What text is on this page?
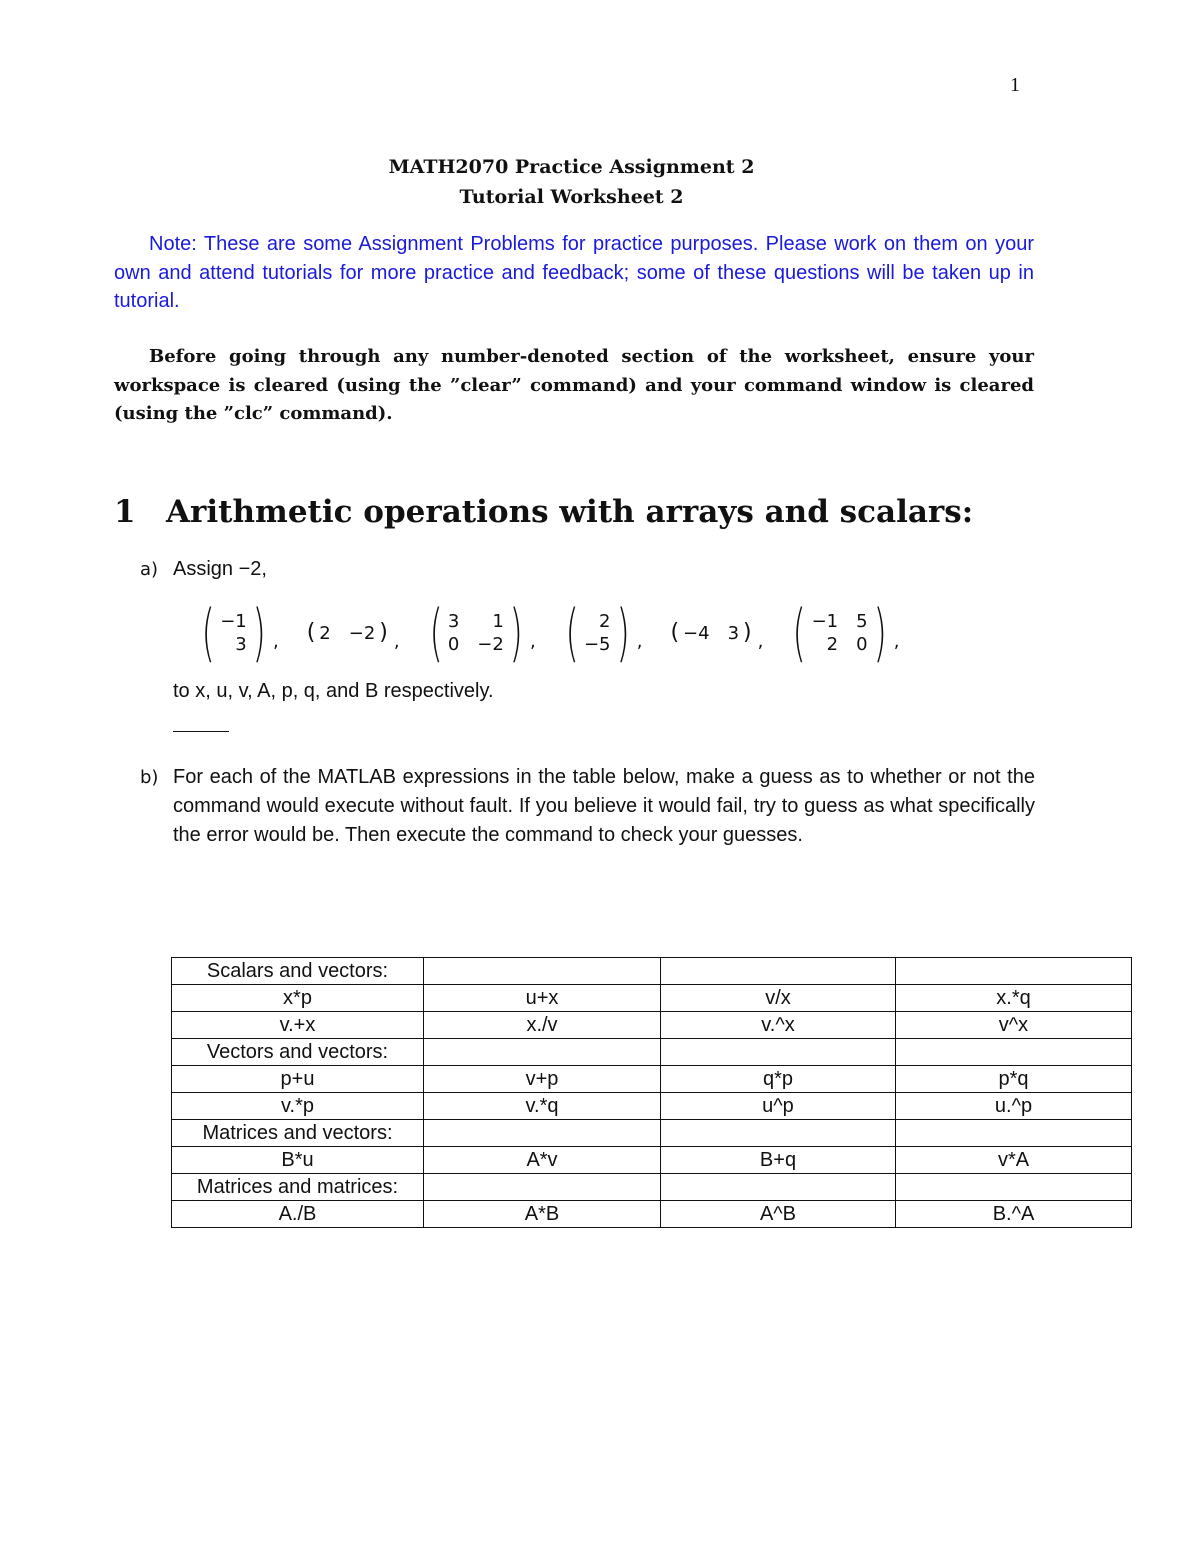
1
MATH2070 Practice Assignment 2
Tutorial Worksheet 2
Note: These are some Assignment Problems for practice purposes. Please work on them on your own and attend tutorials for more practice and feedback; some of these questions will be taken up in tutorial.
Before going through any number-denoted section of the worksheet, ensure your workspace is cleared (using the ”clear” command) and your command window is cleared (using the ”clc” command).
1 Arithmetic operations with arrays and scalars:
a) Assign −2,
( −1
3 ) , ( 2 −2 ) , ( 3	1
0 −2 ) , (	2
−5 ) , ( −4 3 ) , ( −1 5
2 0 ) ,
to x, u, v, A, p, q, and B respectively.
b) For each of the MATLAB expressions in the table below, make a guess as to whether or not the command would execute without fault. If you believe it would fail, try to guess as what specifically the error would be. Then execute the command to check your guesses.
Scalars and vectors:			
x*p	u+x	v/x	x.*q
v.+x	x./v	v.^x	v^x
Vectors and vectors:			
p+u	v+p	q*p	p*q
v.*p	v.*q	u^p	u.^p
Matrices and vectors:			
B*u	A*v	B+q	v*A
Matrices and matrices:			
A./B	A*B	A^B	B.^A
